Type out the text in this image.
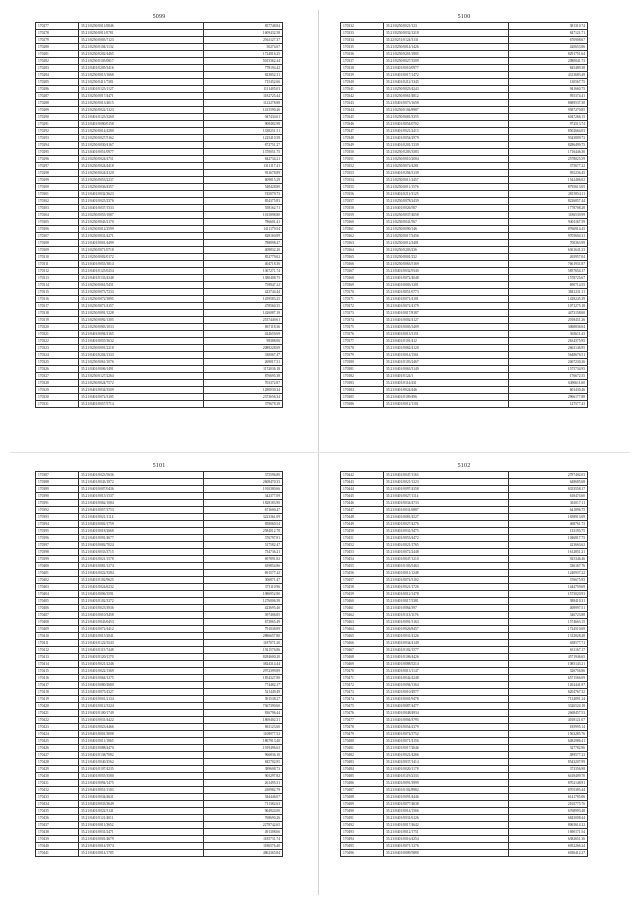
5099
170277	35.21/0250/0011/0846	857748.84
170278	35.21/0250/0011/0781	1609432.58
170279	35.21/0250/0003/7123	2561127.37
170280	35.21/0250/0104/1132	50274.67
170281	35.21/0250/0202/4465	1724016.25
170282	35.21/0250/0105/0817	5015362.44
170283	35.21/0401/0205/3416	778194.42
170284	35.21/0250/0015/1668	823852.31
170285	35.21/0250/0411/7381	715452.66
170286	35.21/0401/0125/1127	1111405.03
170287	35.21/0250/0017/4471	1182725.44
170288	35.21/0250/0013/4015	1123278.88
170289	35.21/0250/0022/1323	1415590.26
170290	35.21/0401/0125/3260	947434.01
170291	35.21/0401/0090/0158	908482.98
170292	35.21/0250/0014/4280	1338251.51
170293	35.21/0250/0027/5162	1225410.58
170294	35.21/0250/0030/4167	872751.27
170295	35.21/0401/0051/0977	1370051.75
170296	35.21/0250/0024/4751	842734.21
170297	35.21/0250/0024/4418	1311117.41
170298	35.21/0250/0024/4120	931678.89
170299	35.21/0250/0053/2237	609815.29
170300	35.21/0250/0036/4357	548428.80
170301	35.21/0401/0032/3623	745079.73
170302	35.21/0401/0025/2376	854375.83
170303	35.21/0401/0037/1533	558162.71
170304	35.21/0250/0055/1087	1015898.80
170305	35.21/0250/0043/2170	786601.41
170306	35.21/0250/0012/2599	1411179.54
170307	35.21/0250/0031/4271	828160.89
170308	35.21/0401/0001/4499	788898.47
170309	35.21/0250/0071/0718	408832.20
170310	35.21/0250/0002/0172	852779.02
170311	35.21/0401/0053/3814	404718.36
170312	35.21/0401/0125/0254	1367271.74
170313	35.21/0401/0133/4348	1380408.75
170314	35.21/0250/0061/5431	759947.22
170315	35.21/0250/0073/7233	423744.44
170316	35.21/0250/0072/3895	1459583.25
170317	35.21/0250/0071/4157	478560.35
170318	35.21/0250/0091/1228	1426087.19
170319	35.21/0250/0092/1305	2537449.61
170320	35.21/0250/0083/1033	867118.36
170321	35.21/0401/0094/2165	424659.69
170322	35.21/0401/0055/3632	98388.06
170323	35.21/0250/0091/2218	2089228.69
170324	35.21/0401/0204/1333	330067.47
170325	35.21/0250/0061/1076	269017.31
170326	35.21/0401/0006/1491	1172036.18
170327	35.21/0250/0127/2264	876695.38
170328	35.21/0250/0024/7572	703372.87
170329	35.21/0401/0034/3509	1280030.34
170330	35.21/0401/0072/3105	2373656.34
170331	35.21/0401/0057/5714	379678.38
5100
170332	35.21/0250/0021/123	381310.74
170333	35.21/0250/0032/1218	847121.71
170334	35.22/0251/0124/3131	670908.67
170335	35.21/0250/0014/1426	420653.86
170336	35.21/0250/0201/1805	8291751.64
170337	35.21/0250/0027/3509	2080041.73
170338	35.21/0401/0010/0977	845489.38
170339	35.21/0401/0017/1472	4313683.49
170340	35.21/0401/0212/1345	130567.75
170341	35.21/0250/0023/4243	941660.75
170342	35.21/0250/0061/4812	955374.41
170343	35.21/0401/0073/1658	8689537.30
170344	35.21/0250/0104/8987	9587270.85
170345	35.21/0250/0081/3355	6047266.15
170346	35.21/0401/0054/0702	972513.74
170347	35.21/0401/0021/2415	8502664.03
170348	35.21/0401/0054/2979	9343809.73
170349	35.21/0401/0201/1339	8286499.75
170350	35.21/0250/0203/3583	1716446.30
170351	35.21/0250/0010/2084	2578025.59
170352	35.21/0250/0072/4281	375677.22
170353	35.21/0401/0204/3139	955236.45
170354	35.21/0250/0011/2457	1542486.02
170355	35.21/0250/0011/1576	8795613.05
170356	35.21/0401/0211/3125	2815854.11
170357	35.21/0250/0078/2439	8226857.44
170358	35.21/0401/0026/587	1778708.28
170359	35.21/0250/0037/4058	1186539.99
170360	35.21/0250/0041/567	9401167.59
170361	35.21/0250/0090/146	8766914.45
170362	35.21/0250/0017/3456	9705604.31
170363	35.21/0250/0012/3401	700363.99
170364	35.21/0250/0203/236	6361641.23
170365	35.21/0250/0001/232	265957.04
170366	35.21/0250/0063/5169	7661931.87
170367	35.21/0401/0032/9340	5857654.17
170368	35.21/0401/0072/4048	1578725.67
170369	35.21/0401/0003/1201	690714.55
170370	35.21/0401/0051/6773	3841231.11
170371	35.21/0401/0071/4101	1428245.39
170372	35.21/0401/0072/4179	1071275.18
170373	35.21/0401/0017/8187	4473158.60
170374	35.21/0401/0002/4127	2018451.26
170375	35.21/0401/0003/3409	3068836.04
170376	35.21/0401/0013/3151	363611.43
170377	35.21/0401/0101/412	2634375.95
170378	35.21/0401/0062/4120	2663146.95
170379	35.21/0401/0014/1561	5648676.51
170380	35.21/0401/0103/2467	2467230.26
170381	35.21/0401/0063/3149	1575734.95
170382	35.21/0401/0124/1	176672.55
170383	35.21/0401/0114/431	6496611.60
170384	35.21/0401/0024/446	603430.46
170385	35.21/0401/0109/496	2966177.88
170386	35.21/0401/0012/1101	127577.43
5101
170387	35.21/0401/0023/5636	375596.80
170388	35.21/0401/0043/1872	2608470.33
170389	35.21/0401/0007/0436	1910380.66
170390	35.21/0401/0015/1537	342377.09
170391	35.21/0401/0062/1084	1828183.90
170392	35.21/0401/0057/3753	671600.47
170393	35.21/0401/0021/1114	3223361.09
170394	35.21/0401/0002/1759	858060.54
170395	35.21/0401/0018/2668	2584012.78
170396	35.21/0401/0091/4677	376797.81
170397	35.21/0401/0082/7024	317582.47
170398	35.21/0401/0033/3715	754736.21
170399	35.21/0401/0021/1578	697891.82
170400	35.21/0401/0081/1274	639854.86
170401	35.21/0401/0022/3584	691577.42
170402	35.21/0401/0102/9625	306871.47
170403	35.21/0401/0024/6232	373110.96
170404	35.21/0401/0006/3591	1086952.80
170405	35.21/0401/0102/3372	1276006.58
170406	35.21/0401/0023/3936	423695.46
170407	35.21/0401/0010/3458	397406.85
170408	35.21/0401/0043/6453	673865.49
170409	35.21/0401/0072/4412	791038.89
170410	35.21/0401/0015/2041	2886657.80
170411	35.21/0401/0122/3543	1187071.20
170412	35.21/0401/0115/7448	1921576.86
170413	35.21/0401/0120/1170	8284600.20
170414	35.21/0401/0021/2246	3824314.44
170415	35.21/0401/0022/1369	2972399.89
170416	35.21/0401/0064/1275	1854327.80
170417	35.21/0401/0080/2680	774482.37
170418	35.21/0401/0075/4327	521449.49
170419	35.21/0401/0001/2134	391538.27
170420	35.21/0401/0012/3324	7367390.60
170421	35.21/0401/0100/1749	836796.44
170422	35.21/0401/0031/4422	1869402.31
170423	35.21/0401/0023/4466	861123.60
170424	35.21/0401/0001/3008	1108077.52
170425	35.21/0401/0011/1865	1867913.40
170426	35.21/0401/0088/4470	1919496.63
170427	35.21/0401/0138/7082	966836.10
170428	35.21/0401/0040/2562	845702.95
170429	35.21/0401/0107/4235	389608.73
170430	35.21/0401/0055/3580	905297.82
170431	35.21/0401/0094/1475	261495.31
170432	35.21/0401/0051/1103	430982.79
170433	35.21/0401/0034/4631	344446.07
170434	35.21/0401/0033/3649	711382.63
170435	35.21/0401/0022/3141	964924.00
170436	35.21/0401/0121/4011	768690.26
170437	35.21/0401/0011/3652	2278742.65
170438	35.21/0401/0031/2471	491308.66
170439	35.21/0401/0001/4679	1185731.74
170440	35.21/0401/0014/1974	1186576.40
170441	35.21/0401/0014/1785	4862365.84
5102
170442	35.21/0401/0047/1163	2787402.03
170443	35.21/0401/0021/1223	648685.68
170444	35.21/0401/0097/4358	6353558.17
170445	35.21/0401/0027/1114	618474.60
170446	35.21/0401/0034/4733	361017.11
170447	35.21/0401/0031/6887	641896.75
170448	35.21/0401/0081/4527	1658913.69
170449	35.21/0401/0027/4276	468761.73
170450	35.21/0401/0031/3475	133195.75
170451	35.21/0401/0053/4472	1046817.75
170452	35.21/0401/0021/1765	423663.62
170453	35.21/0401/0072/2448	1612851.21
170454	35.21/0401/0047/1210	925346.46
170455	35.21/0401/0103/5463	336167.76
170456	35.21/0401/0011/1248	1240937.22
170457	35.21/0401/0074/3102	376675.93
170458	35.21/0401/0021/1726	1444759.69
170459	35.21/0401/0012/1478	1573020.93
170460	35.21/0401/0017/3381	388410.31
170461	35.21/0401/0064/397	408997.51
170462	35.21/0401/0113/1176	346723.88
170463	35.21/0401/0091/3163	1574663.15
170464	35.21/0401/0026/8457	1724510.69
170465	35.21/0401/0031/4126	1312828.48
170466	35.21/0401/0034/4149	658577.71
170467	35.21/0401/0102/1577	631167.17
170468	35.21/0401/0106/4426	4571946.65
170469	35.21/0401/0088/5214	1085143.21
170470	35.21/0401/0013/1147	326756.86
170471	35.21/0401/0042/4248	6571566.09
170472	35.21/0401/0094/1364	1262441.97
170473	35.21/0401/0010/4977	6204767.32
170474	35.21/0401/0001/9478	7134891.24
170475	35.21/0401/0087/4477	3326524.18
170476	35.21/0401/0048/4934	2668457.53
170477	35.21/0401/0004/3795	4018121.07
170478	35.21/0401/0054/2379	185995.14
170479	35.21/0401/0074/3752	1563285.76
170480	35.21/0401/0071/4156	6482986.41
170481	35.21/0401/0017/2646	327782.96
170482	35.21/0401/0021/4266	389577.23
170483	35.21/0401/0037/1414	8543207.99
170484	35.21/0401/0020/1178	373356.98
170485	35.21/0401/0119/2333	6418409.70
170486	35.21/0401/0091/3999	8702148.91
170487	35.21/0401/0102/8982	8705385.44
170488	35.21/0401/0091/4446	6141705.06
170489	35.21/0401/0077/4638	2165775.76
170490	35.21/0401/0014/1566	6768993.48
170491	35.21/0401/0031/6126	6843008.44
170492	35.21/0401/0017/4642	8063614.32
170493	35.21/0401/0012/1751	1690171.54
170494	35.21/0401/0016/4254	6382651.36
170495	35.21/0401/0071/1276	6052266.24
170496	35.21/0401/0009/5880	6036412.27
